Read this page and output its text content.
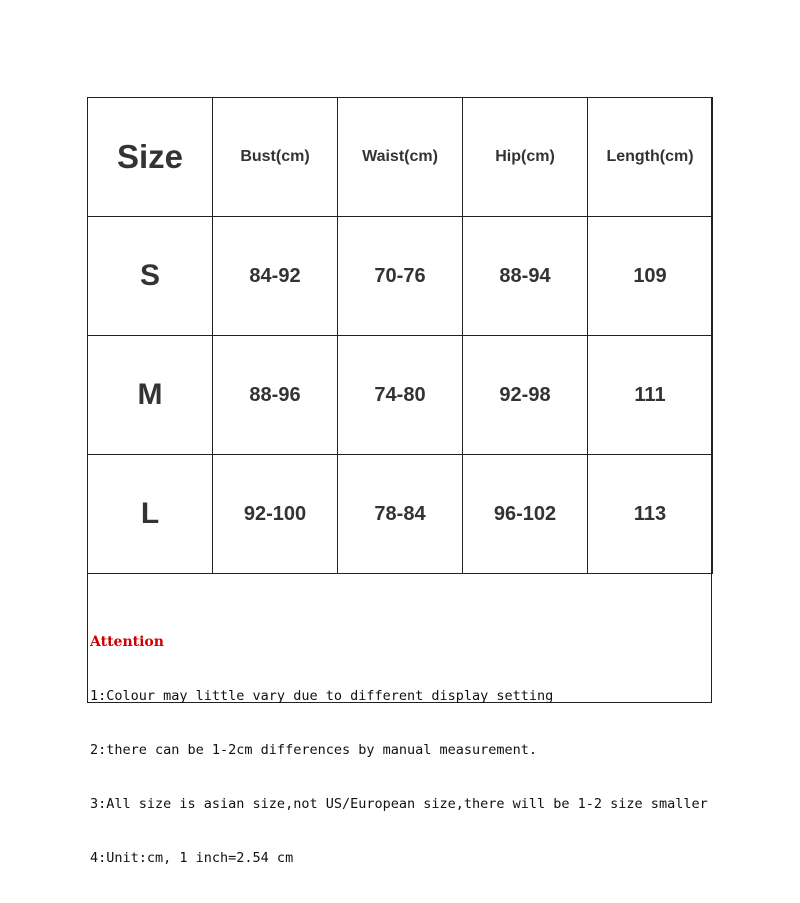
Size	Bust(cm)	Waist(cm)	Hip(cm)	Length(cm)
S	84-92	70-76	88-94	109
M	88-96	74-80	92-98	111
L	92-100	78-84	96-102	113

Attention

1:Colour may little vary due to different display setting

2:there can be 1-2cm differences by manual measurement.

3:All size is asian size,not US/European size,there will be 1-2 size smaller

4:Unit:cm, 1 inch=2.54 cm
